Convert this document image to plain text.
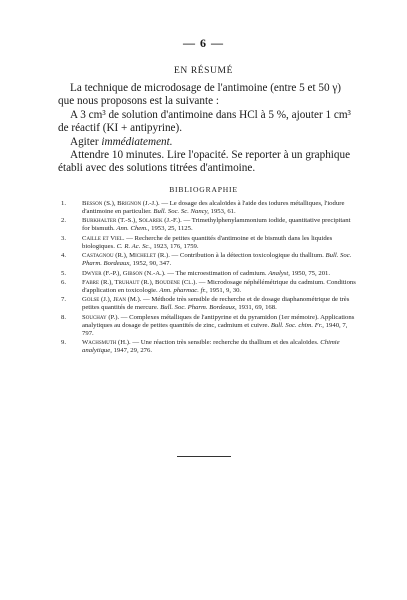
— 6 —
EN RÉSUMÉ

La technique de microdosage de l'antimoine (entre 5 et 50 γ) que nous proposons est la suivante :

A 3 cm³ de solution d'antimoine dans HCl à 5 %, ajouter 1 cm³ de réactif (KI + antipyrine).

Agiter immédiatement.

Attendre 10 minutes. Lire l'opacité. Se reporter à un graphique établi avec des solutions titrées d'antimoine.

BIBLIOGRAPHIE
1. Besson (S.), Brignon (J.-J.). — Le dosage des alcaloïdes à l'aide des iodures métalliques, l'iodure d'antimoine en particulier. Bull. Soc. Sc. Nancy, 1953, 61.
2. Burkhalter (T.-S.), Solarek (J.-F.). — Trimethylphenylammonium iodide, quantitative precipitant for bismuth. Ann. Chem., 1953, 25, 1125.
3. Caille et Viel. — Recherche de petites quantités d'antimoine et de bismuth dans les liquides biologiques. C. R. Ac. Sc., 1923, 176, 1759.
4. Castagnou (R.), Michelet (R.). — Contribution à la détection toxicologique du thallium. Bull. Soc. Pharm. Bordeaux, 1952, 90, 347.
5. Dwyer (F.-P.), Gibson (N.-A.). — The microestimation of cadmium. Analyst, 1950, 75, 201.
6. Fabre (R.), Truhaut (R.), Boudene (Cl.). — Microdosage néphélémétrique du cadmium. Conditions d'application en toxicologie. Ann. pharmac. fr., 1951, 9, 30.
7. Golse (J.), Jean (M.). — Méthode très sensible de recherche et de dosage diaphanométrique de très petites quantités de mercure. Bull. Soc. Pharm. Bordeaux, 1931, 69, 168.
8. Souchay (P.). — Complexes métalliques de l'antipyrine et du pyramidon (1er mémoire). Applications analytiques au dosage de petites quantités de zinc, cadmium et cuivre. Bull. Soc. chim. Fr., 1940, 7, 797.
9. Wachsmuth (H.). — Une réaction très sensible: recherche du thallium et des alcaloïdes. Chimie analytique, 1947, 29, 276.
